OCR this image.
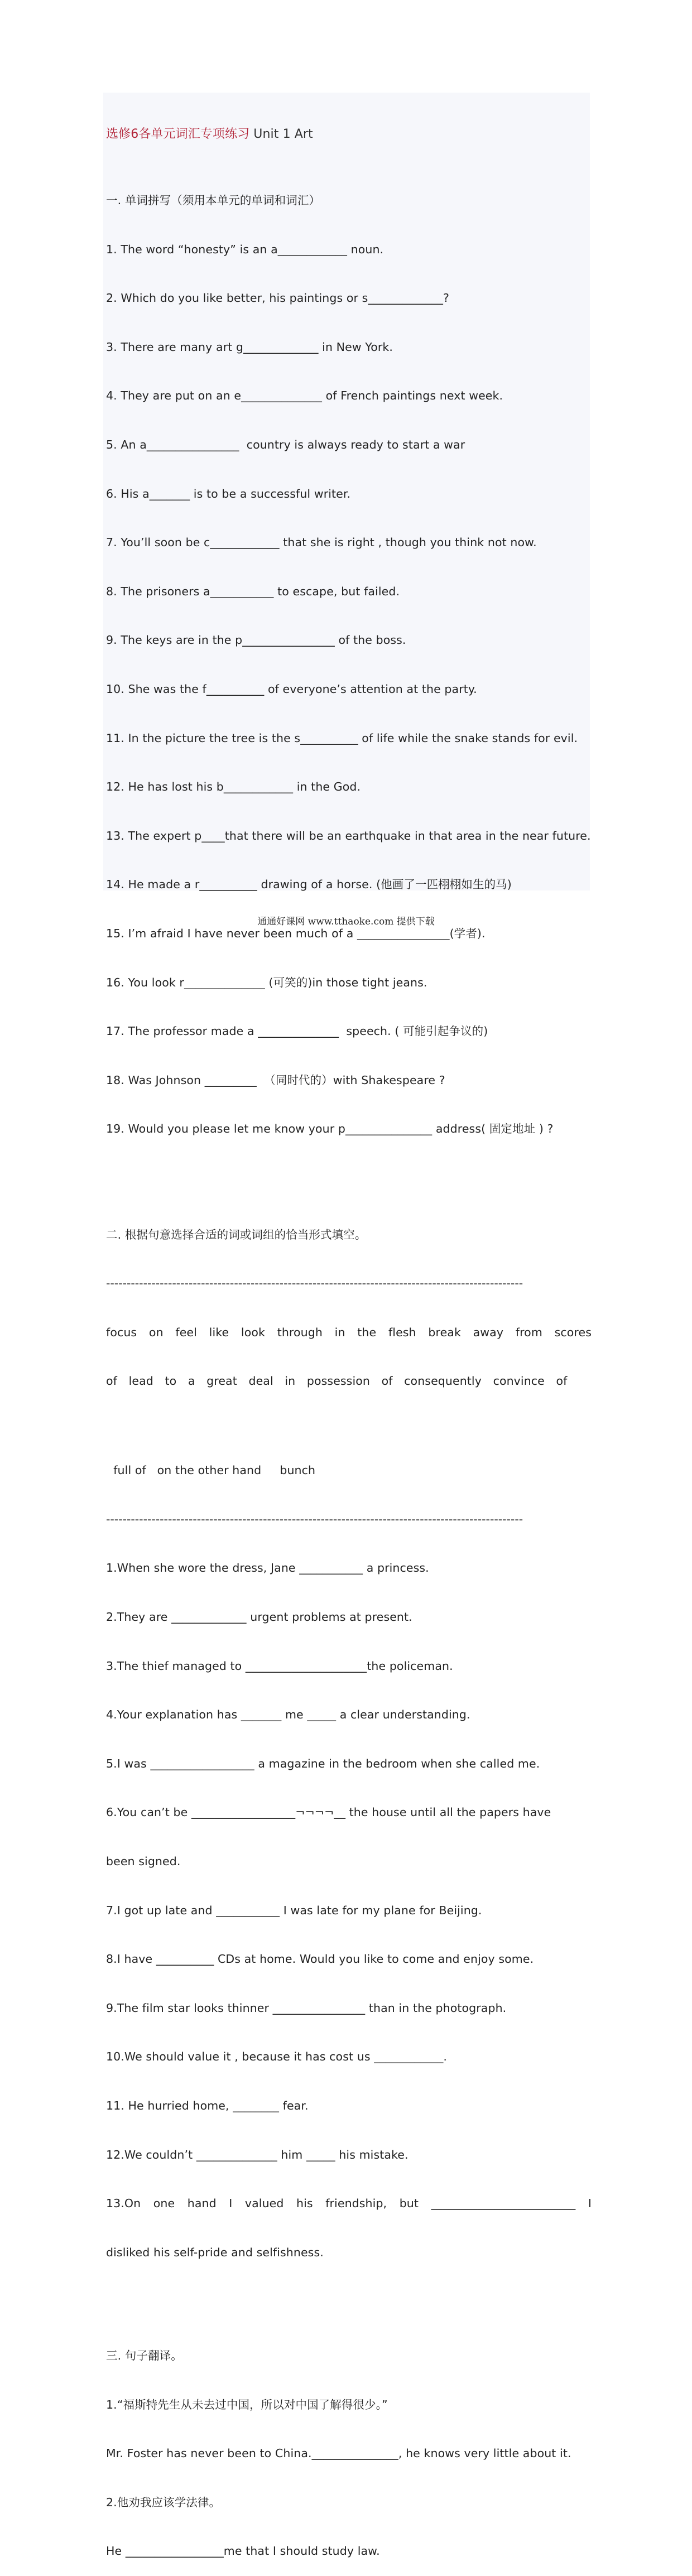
选修6各单元词汇专项练习 Unit 1 Art

一. 单词拼写（须用本单元的单词和词汇）

1. The word “honesty” is an a____________ noun.

2. Which do you like better, his paintings or s_____________?

3. There are many art g_____________ in New York.

4. They are put on an e______________ of French paintings next week.

5. An a________________  country is always ready to start a war

6. His a_______ is to be a successful writer.

7. You’ll soon be c____________ that she is right , though you think not now.

8. The prisoners a___________ to escape, but failed.

9. The keys are in the p________________ of the boss.

10. She was the f__________ of everyone’s attention at the party.

11. In the picture the tree is the s__________ of life while the snake stands for evil.

12. He has lost his b____________ in the God.

13. The expert p____that there will be an earthquake in that area in the near future.

14. He made a r__________ drawing of a horse. (他画了一匹栩栩如生的马)

15. I’m afraid I have never been much of a ________________(学者).

16. You look r______________ (可笑的)in those tight jeans.

17. The professor made a ______________  speech. ( 可能引起争议的)

18. Was Johnson _________  （同时代的）with Shakespeare ?

19. Would you please let me know your p_______________ address( 固定地址 ) ?

二. 根据句意选择合适的词或词组的恰当形式填空。

-----------------------------------------------------------------------------------------------------

focus on feel like look through in the flesh break away from scores

of lead to a great deal in possession of consequently convince of

full of   on the other hand     bunch

-----------------------------------------------------------------------------------------------------

1.When she wore the dress, Jane ___________ a princess.

2.They are _____________ urgent problems at present.

3.The thief managed to _____________________the policeman.

4.Your explanation has _______ me _____ a clear understanding.

5.I was __________________ a magazine in the bedroom when she called me.

6.You can’t be __________________¬¬¬¬__ the house until all the papers have

been signed.

7.I got up late and ___________ I was late for my plane for Beijing.

8.I have __________ CDs at home. Would you like to come and enjoy some.

9.The film star looks thinner ________________ than in the photograph.

10.We should value it , because it has cost us ____________.

11. He hurried home, ________ fear.

12.We couldn’t ______________ him _____ his mistake.

13.On one hand I valued his friendship, but _________________________ I

disliked his self-pride and selfishness.

三. 句子翻译。

1.“福斯特先生从未去过中国，所以对中国了解得很少。”

Mr. Foster has never been to China._______________, he knows very little about it.

2.他劝我应该学法律。

He _________________me that I should study law.

通通好课网 www.tthaoke.com 提供下载
